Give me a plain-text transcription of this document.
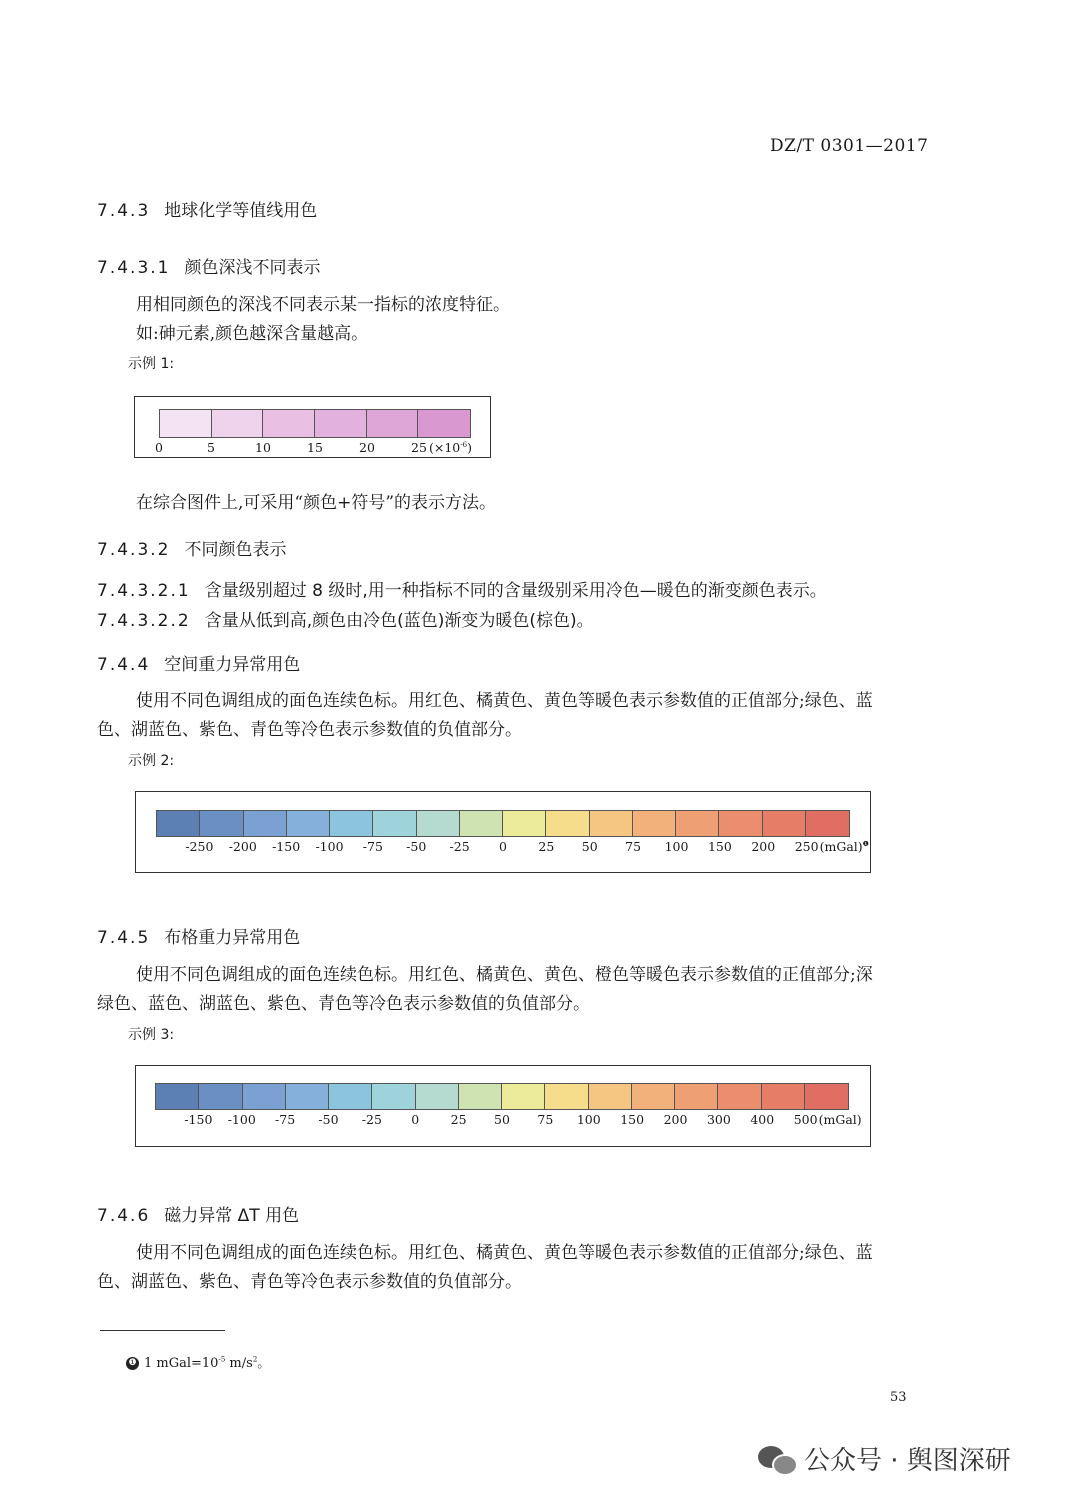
DZ/T 0301—2017
7.4.3 地球化学等值线用色
7.4.3.1 颜色深浅不同表示
用相同颜色的深浅不同表示某一指标的浓度特征。
如:砷元素,颜色越深含量越高。
示例 1:
0	5	10	15	20	25 $(\times 10^{-6})$
在综合图件上,可采用“颜色+符号”的表示方法。
7.4.3.2 不同颜色表示
7.4.3.2.1 含量级别超过 8 级时,用一种指标不同的含量级别采用冷色—暖色的渐变颜色表示。
7.4.3.2.2 含量从低到高,颜色由冷色(蓝色)渐变为暖色(棕色)。
7.4.4 空间重力异常用色
使用不同色调组成的面色连续色标。用红色、橘黄色、黄色等暖色表示参数值的正值部分;绿色、蓝
色、湖蓝色、紫色、青色等冷色表示参数值的负值部分。
示例 2:
-250 -200 -150 -100 -75 -50 -25 0	25 50 75 100 150 200 250 (mGal)$^❶$
7.4.5 布格重力异常用色
使用不同色调组成的面色连续色标。用红色、橘黄色、黄色、橙色等暖色表示参数值的正值部分;深
绿色、蓝色、湖蓝色、紫色、青色等冷色表示参数值的负值部分。
示例 3:
-150 -100 -75 -50 -25 0	25 50 75 100 150 200 300 400 500 (mGal)
7.4.6 磁力异常 ΔT 用色
使用不同色调组成的面色连续色标。用红色、橘黄色、黄色等暖色表示参数值的正值部分;绿色、蓝
色、湖蓝色、紫色、青色等冷色表示参数值的负值部分。
❶ 1 $mGal=10^{-5}$ $m/s^2$。
53
公众号 · 舆图深研
